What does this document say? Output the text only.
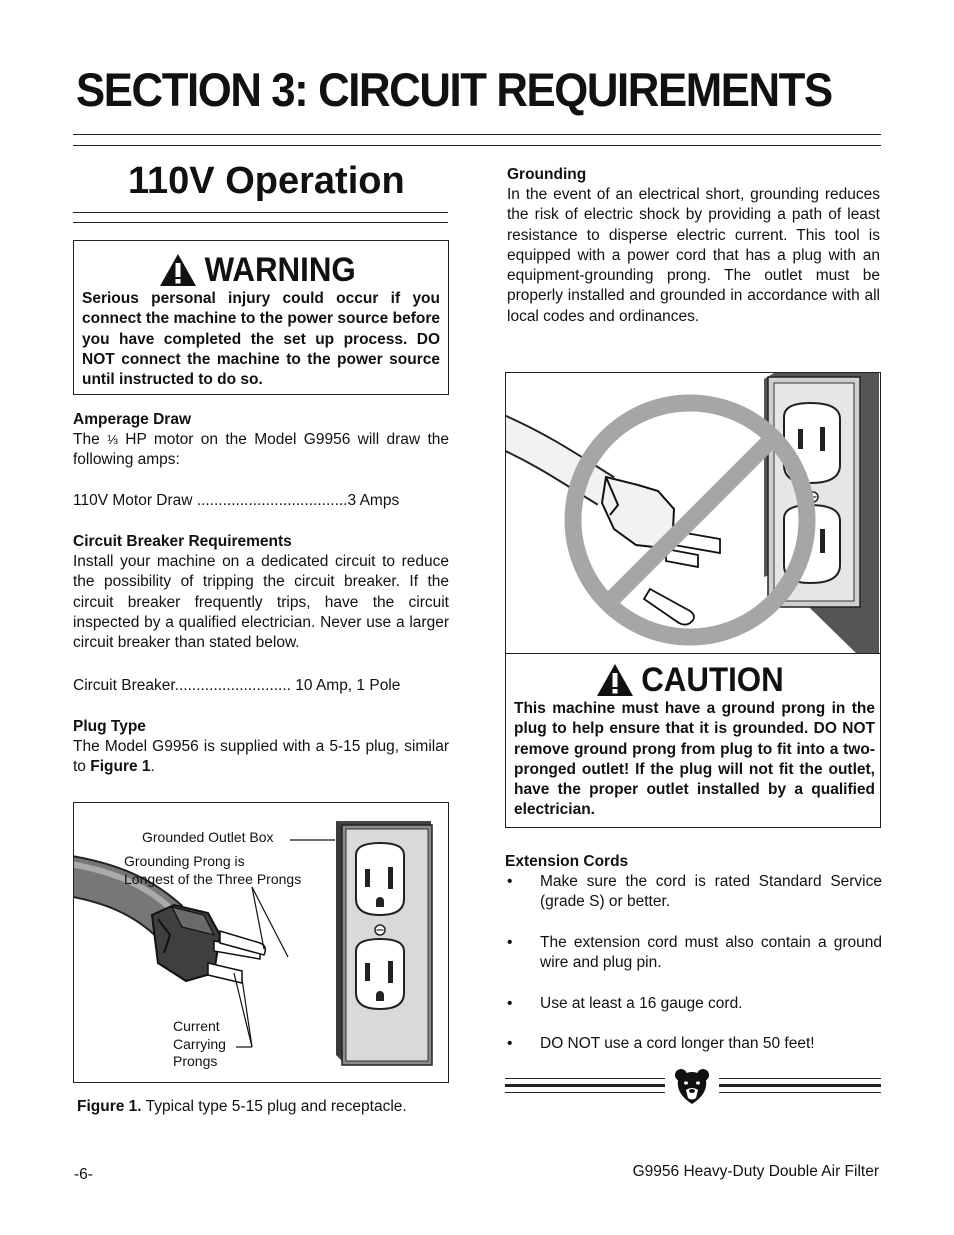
SECTION 3: CIRCUIT REQUIREMENTS
110V Operation
WARNING
Serious personal injury could occur if you connect the machine to the power source before you have completed the set up process. DO NOT connect the machine to the power source until instructed to do so.
Amperage Draw
The ⅓ HP motor on the Model G9956 will draw the following amps:
110V Motor Draw ...................................3 Amps
Circuit Breaker Requirements
Install your machine on a dedicated circuit to reduce the possibility of tripping the circuit breaker. If the circuit breaker frequently trips, have the circuit inspected by a qualified electrician. Never use a larger circuit breaker than stated below.
Circuit Breaker........................... 10 Amp, 1 Pole
Plug Type
The Model G9956 is supplied with a 5-15 plug, similar to Figure 1.
Grounded Outlet Box
Grounding Prong is
Longest of the Three Prongs
Current
Carrying
Prongs
Figure 1. Typical type 5-15 plug and receptacle.
Grounding
In the event of an electrical short, grounding reduces the risk of electric shock by providing a path of least resistance to disperse electric current. This tool is equipped with a power cord that has a plug with an equipment-grounding prong. The outlet must be properly installed and grounded in accordance with all local codes and ordinances.
CAUTION
This machine must have a ground prong in the plug to help ensure that it is grounded. DO NOT remove ground prong from plug to fit into a two-pronged outlet! If the plug will not fit the outlet, have the proper outlet installed by a qualified electrician.
Extension Cords
• Make sure the cord is rated Standard Service (grade S) or better.
• The extension cord must also contain a ground wire and plug pin.
• Use at least a 16 gauge cord.
• DO NOT use a cord longer than 50 feet!
-6-	G9956 Heavy-Duty Double Air Filter
